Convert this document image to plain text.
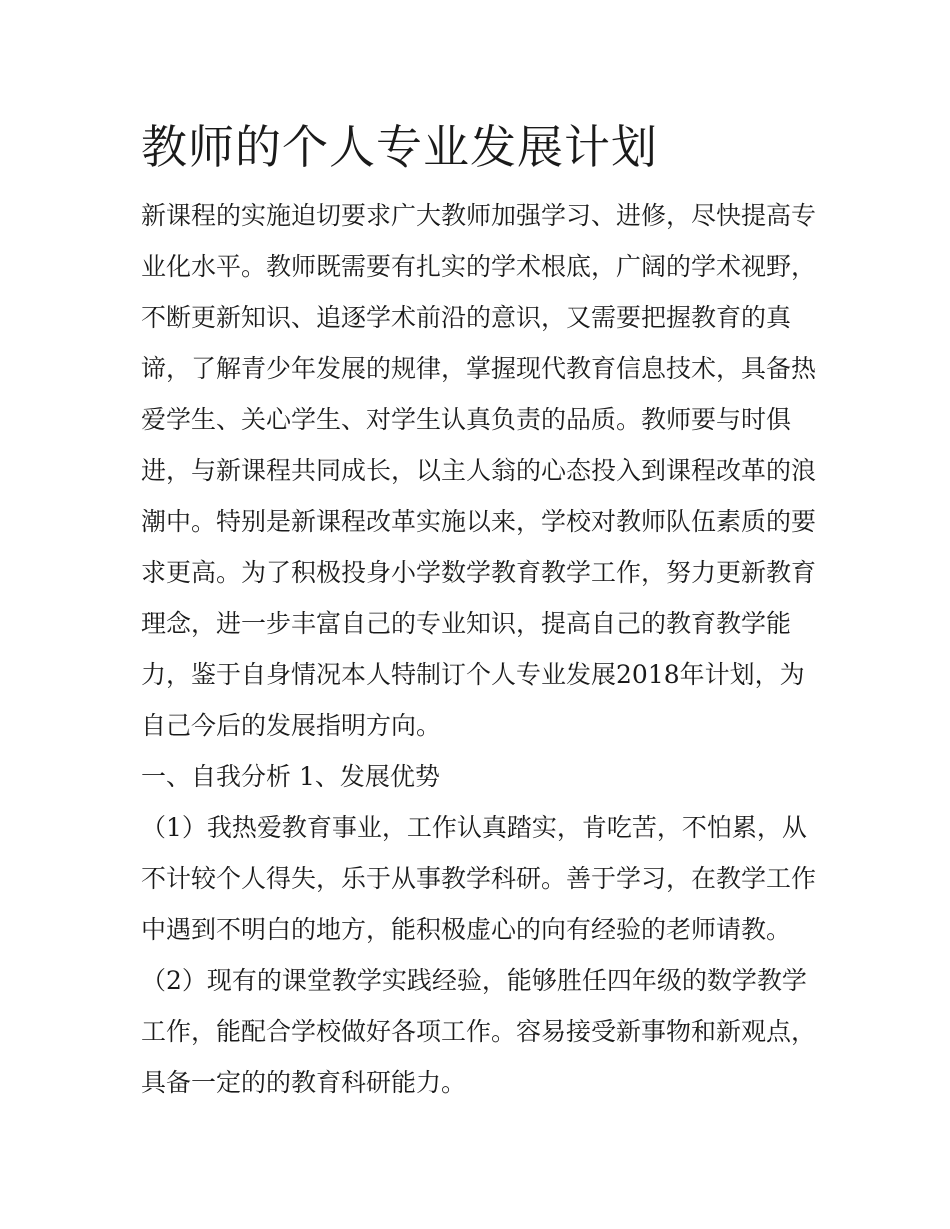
教师的个人专业发展计划

新课程的实施迫切要求广大教师加强学习、进修，尽快提高专

业化水平。教师既需要有扎实的学术根底，广阔的学术视野，

不断更新知识、追逐学术前沿的意识，又需要把握教育的真

谛，了解青少年发展的规律，掌握现代教育信息技术，具备热

爱学生、关心学生、对学生认真负责的品质。教师要与时俱

进，与新课程共同成长，以主人翁的心态投入到课程改革的浪

潮中。特别是新课程改革实施以来，学校对教师队伍素质的要

求更高。为了积极投身小学数学教育教学工作，努力更新教育

理念，进一步丰富自己的专业知识，提高自己的教育教学能

力，鉴于自身情况本人特制订个人专业发展2018年计划，为

自己今后的发展指明方向。

一、自我分析 1、发展优势

（1）我热爱教育事业，工作认真踏实，肯吃苦，不怕累，从

不计较个人得失，乐于从事教学科研。善于学习，在教学工作

中遇到不明白的地方，能积极虚心的向有经验的老师请教。

（2）现有的课堂教学实践经验，能够胜任四年级的数学教学

工作，能配合学校做好各项工作。容易接受新事物和新观点，

具备一定的的教育科研能力。
